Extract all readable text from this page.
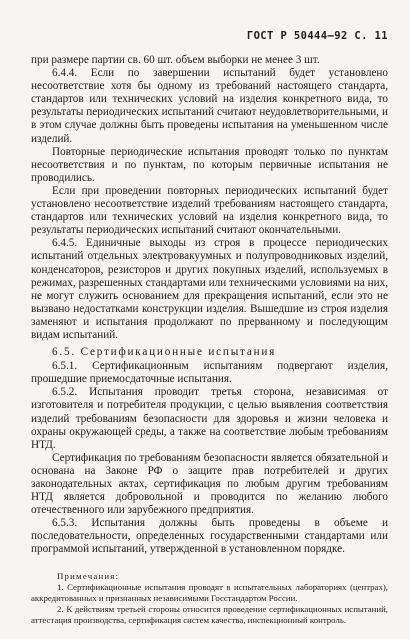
ГОСТ Р 50444—92 С. 11

при размере партии св. 60 шт. объем выборки не менее 3 шт.

6.4.4. Если по завершении испытаний будет установлено несоответствие хотя бы одному из требований настоящего стандарта, стандартов или технических условий на изделия конкретного вида, то результаты периодических испытаний считают неудовлетворительными, и в этом случае должны быть проведены испытания на уменьшенном числе изделий.

Повторные периодические испытания проводят только по пунктам несоответствия и по пунктам, по которым первичные испытания не проводились.

Если при проведении повторных периодических испытаний будет установлено несоответствие изделий требованиям настоящего стандарта, стандартов или технических условий на изделия конкретного вида, то результаты периодических испытаний считают окончательными.

6.4.5. Единичные выходы из строя в процессе периодических испытаний отдельных электровакуумных и полупроводниковых изделий, конденсаторов, резисторов и других покупных изделий, используемых в режимах, разрешенных стандартами или техническими условиями на них, не могут служить основанием для прекращения испытаний, если это не вызвано недостатками конструкции изделия. Вышедшие из строя изделия заменяют и испытания продолжают по прерванному и последующим видам испытаний.

6.5. Сертификационные испытания

6.5.1. Сертификационным испытаниям подвергают изделия, прошедшие приемосдаточные испытания.

6.5.2. Испытания проводит третья сторона, независимая от изготовителя и потребителя продукции, с целью выявления соответствия изделий требованиям безопасности для здоровья и жизни человека и охраны окружающей среды, а также на соответствие любым требованиям НТД.

Сертификация по требованиям безопасности является обязательной и основана на Законе РФ о защите прав потребителей и других законодательных актах, сертификация по любым другим требованиям НТД является добровольной и проводится по желанию любого отечественного или зарубежного предприятия.

6.5.3. Испытания должны быть проведены в объеме и последовательности, определенных государственными стандартами или программой испытаний, утвержденной в установленном порядке.

Примечания:

1. Сертификационные испытания проводят в испытательных лабораториях (центрах), аккредитованных и признанных независимыми Госстандартом России.

2. К действиям третьей стороны относится проведение сертификационных испытаний, аттестация производства, сертификация систем качества, инспекционный контроль.
